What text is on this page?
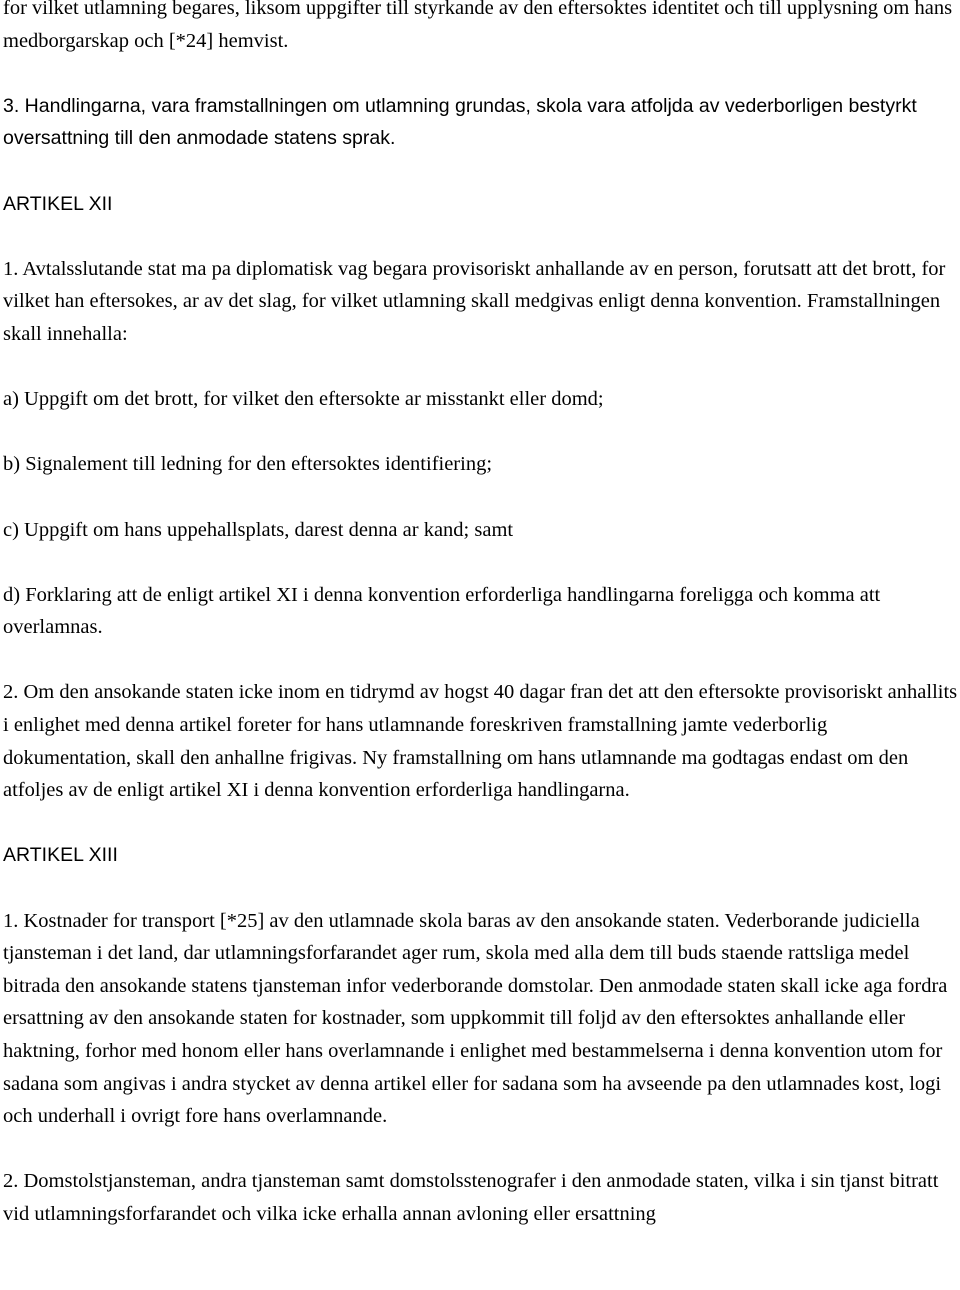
for vilket utlamning begares, liksom uppgifter till styrkande av den eftersoktes identitet och till upplysning om hans medborgarskap och [*24] hemvist.

3. Handlingarna, vara framstallningen om utlamning grundas, skola vara atfoljda av vederborligen bestyrkt oversattning till den anmodade statens sprak.

ARTIKEL XII

1. Avtalsslutande stat ma pa diplomatisk vag begara provisoriskt anhallande av en person, forutsatt att det brott, for vilket han eftersokes, ar av det slag, for vilket utlamning skall medgivas enligt denna konvention. Framstallningen skall innehalla:

a) Uppgift om det brott, for vilket den eftersokte ar misstankt eller domd;

b) Signalement till ledning for den eftersoktes identifiering;

c) Uppgift om hans uppehallsplats, darest denna ar kand; samt

d) Forklaring att de enligt artikel XI i denna konvention erforderliga handlingarna foreligga och komma att overlamnas.

2. Om den ansokande staten icke inom en tidrymd av hogst 40 dagar fran det att den eftersokte provisoriskt anhallits i enlighet med denna artikel foreter for hans utlamnande foreskriven framstallning jamte vederborlig dokumentation, skall den anhallne frigivas. Ny framstallning om hans utlamnande ma godtagas endast om den atfoljes av de enligt artikel XI i denna konvention erforderliga handlingarna.

ARTIKEL XIII

1. Kostnader for transport [*25] av den utlamnade skola baras av den ansokande staten. Vederborande judiciella tjansteman i det land, dar utlamningsforfarandet ager rum, skola med alla dem till buds staende rattsliga medel bitrada den ansokande statens tjansteman infor vederborande domstolar. Den anmodade staten skall icke aga fordra ersattning av den ansokande staten for kostnader, som uppkommit till foljd av den eftersoktes anhallande eller haktning, forhor med honom eller hans overlamnande i enlighet med bestammelserna i denna konvention utom for sadana som angivas i andra stycket av denna artikel eller for sadana som ha avseende pa den utlamnades kost, logi och underhall i ovrigt fore hans overlamnande.

2. Domstolstjansteman, andra tjansteman samt domstolsstenografer i den anmodade staten, vilka i sin tjanst bitratt vid utlamningsforfarandet och vilka icke erhalla annan avloning eller ersattning
